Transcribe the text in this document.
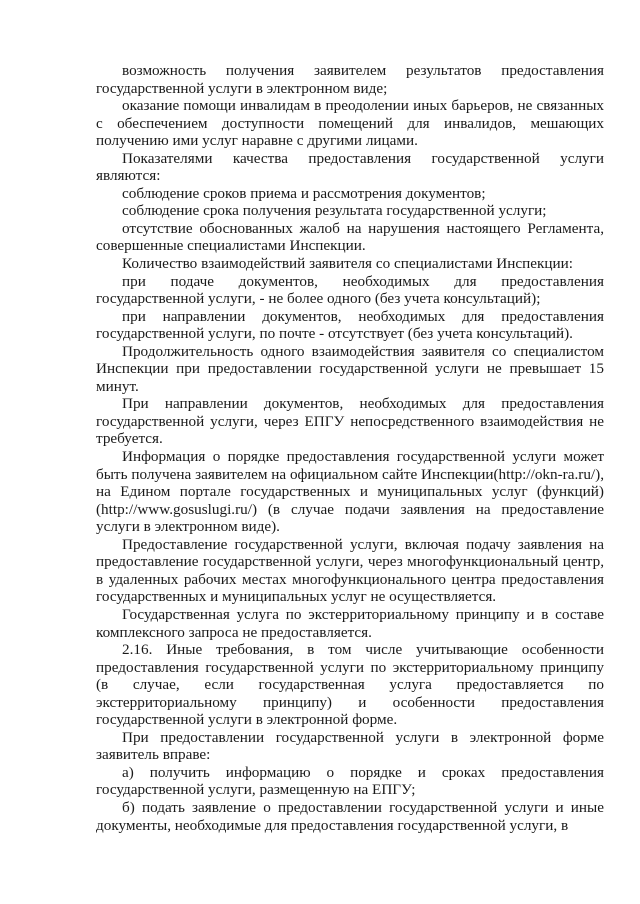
возможность получения заявителем результатов предоставления государственной услуги в электронном виде;

оказание помощи инвалидам в преодолении иных барьеров, не связанных с обеспечением доступности помещений для инвалидов, мешающих получению ими услуг наравне с другими лицами.

Показателями качества предоставления государственной услуги являются:

соблюдение сроков приема и рассмотрения документов;

соблюдение срока получения результата государственной услуги;

отсутствие обоснованных жалоб на нарушения настоящего Регламента, совершенные специалистами Инспекции.

Количество взаимодействий заявителя со специалистами Инспекции:

при подаче документов, необходимых для предоставления государственной услуги, - не более одного (без учета консультаций);

при направлении документов, необходимых для предоставления государственной услуги, по почте - отсутствует (без учета консультаций).

Продолжительность одного взаимодействия заявителя со специалистом Инспекции при предоставлении государственной услуги не превышает 15 минут.

При направлении документов, необходимых для предоставления государственной услуги, через ЕПГУ непосредственного взаимодействия не требуется.

Информация о порядке предоставления государственной услуги может быть получена заявителем на официальном сайте Инспекции(http://okn-ra.ru/), на Едином портале государственных и муниципальных услуг (функций) (http://www.gosuslugi.ru/) (в случае подачи заявления на предоставление услуги в электронном виде).

Предоставление государственной услуги, включая подачу заявления на предоставление государственной услуги, через многофункциональный центр, в удаленных рабочих местах многофункционального центра предоставления государственных и муниципальных услуг не осуществляется.

Государственная услуга по экстерриториальному принципу и в составе комплексного запроса не предоставляется.

2.16. Иные требования, в том числе учитывающие особенности предоставления государственной услуги по экстерриториальному принципу (в случае, если государственная услуга предоставляется по экстерриториальному принципу) и особенности предоставления государственной услуги в электронной форме.

При предоставлении государственной услуги в электронной форме заявитель вправе:

а) получить информацию о порядке и сроках предоставления государственной услуги, размещенную на ЕПГУ;

б) подать заявление о предоставлении государственной услуги и иные документы, необходимые для предоставления государственной услуги, в
